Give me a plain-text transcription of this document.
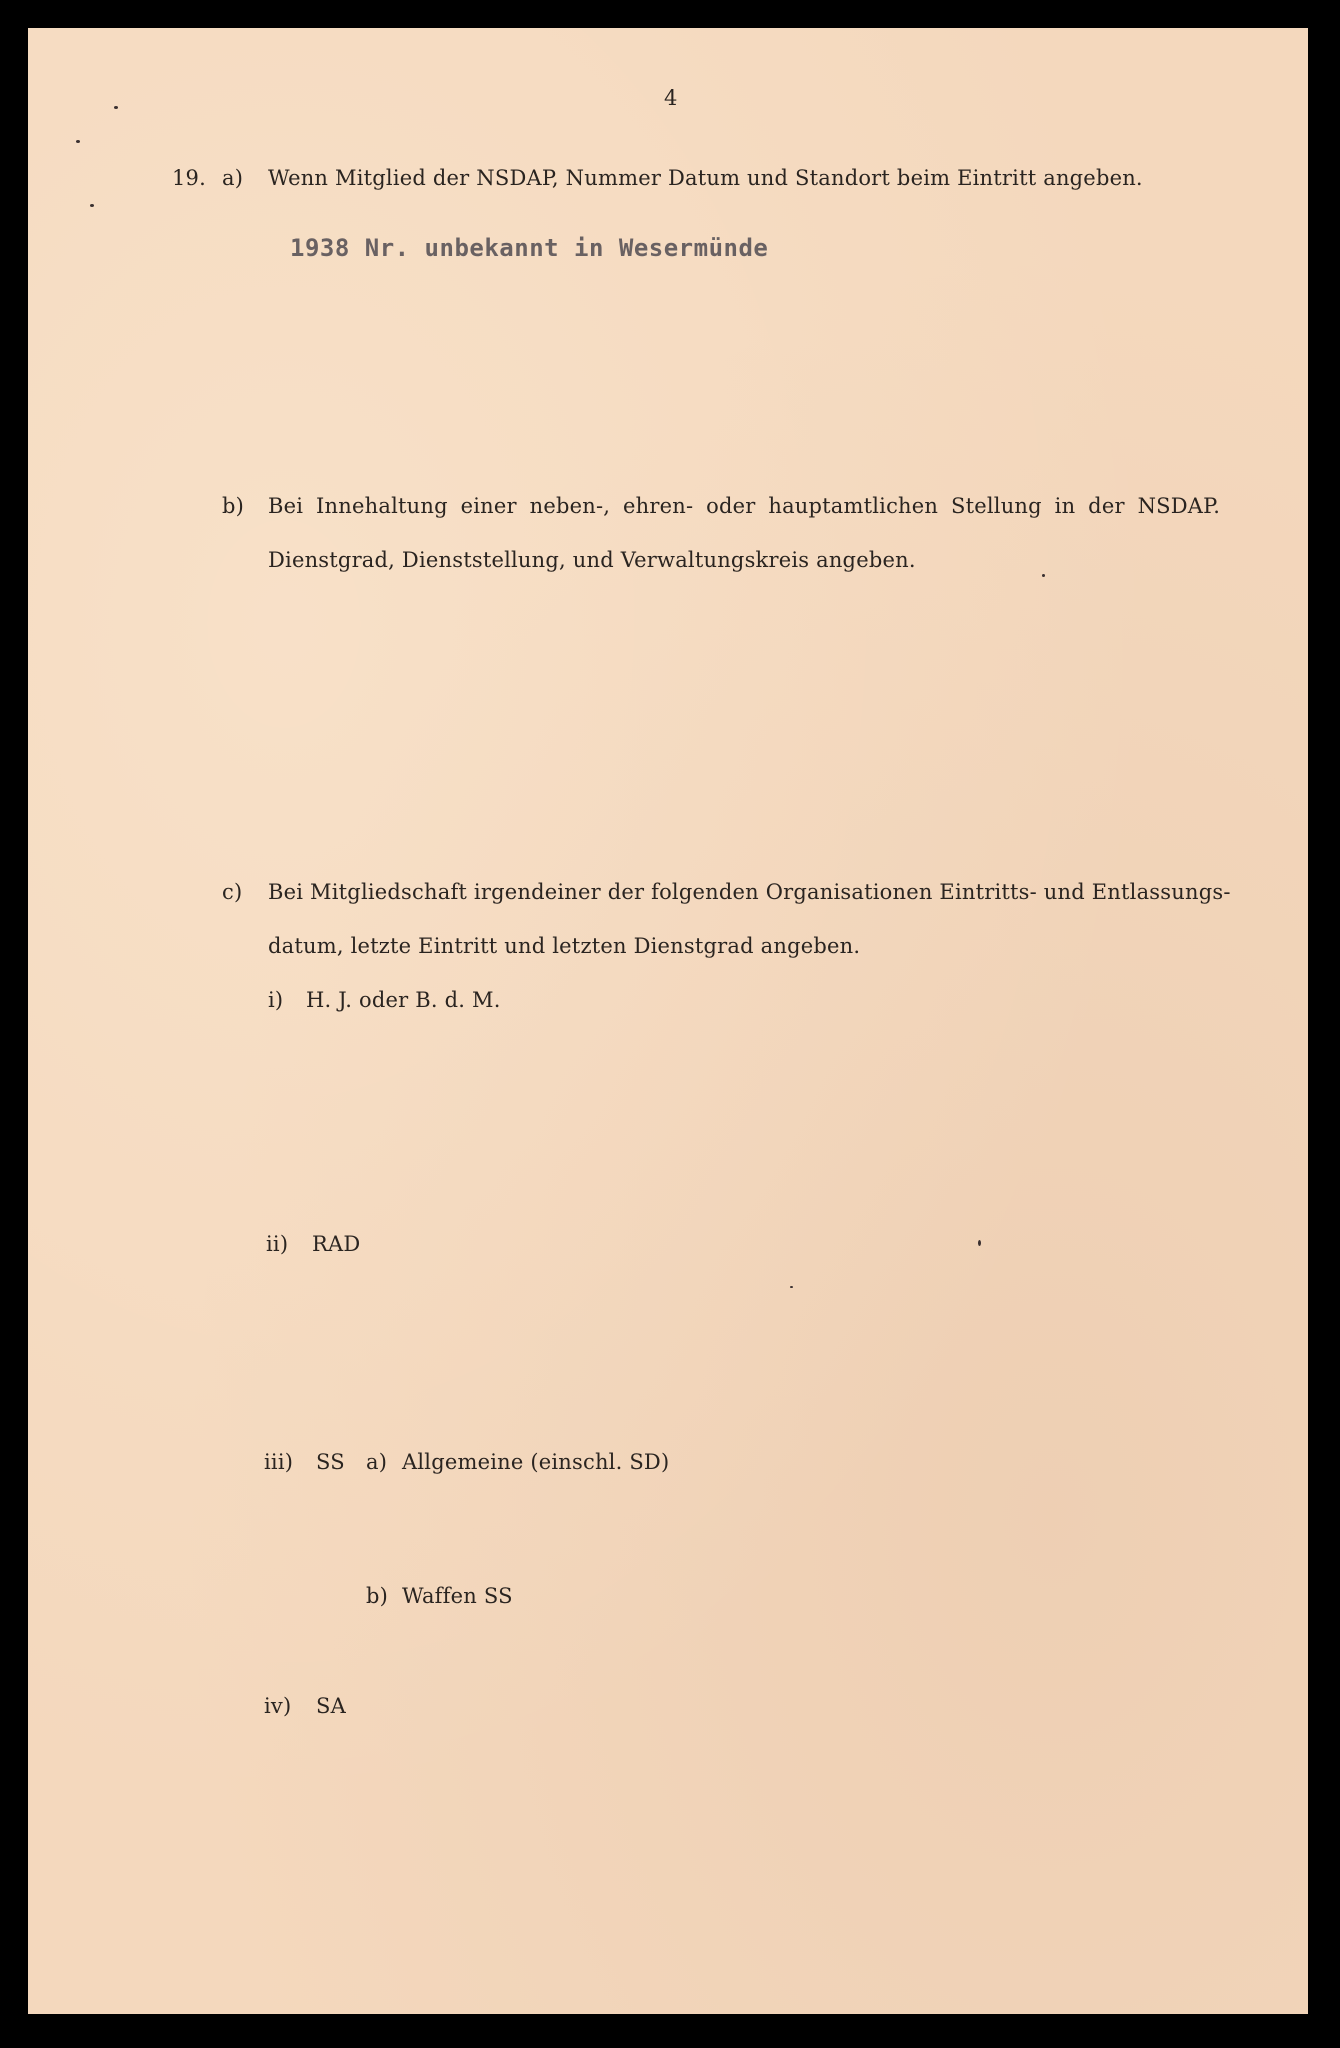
4
19. a) Wenn Mitglied der NSDAP, Nummer Datum und Standort beim Eintritt angeben.
1938 Nr. unbekannt in Wesermünde
b) Bei Innehaltung einer neben-, ehren- oder hauptamtlichen Stellung in der NSDAP.
Dienstgrad, Dienststellung, und Verwaltungskreis angeben.
c) Bei Mitgliedschaft irgendeiner der folgenden Organisationen Eintritts- und Entlassungs-
datum, letzte Eintritt und letzten Dienstgrad angeben.
i) H. J. oder B. d. M.
ii) RAD
iii) SS a) Allgemeine (einschl. SD)
b) Waffen SS
iv) SA
